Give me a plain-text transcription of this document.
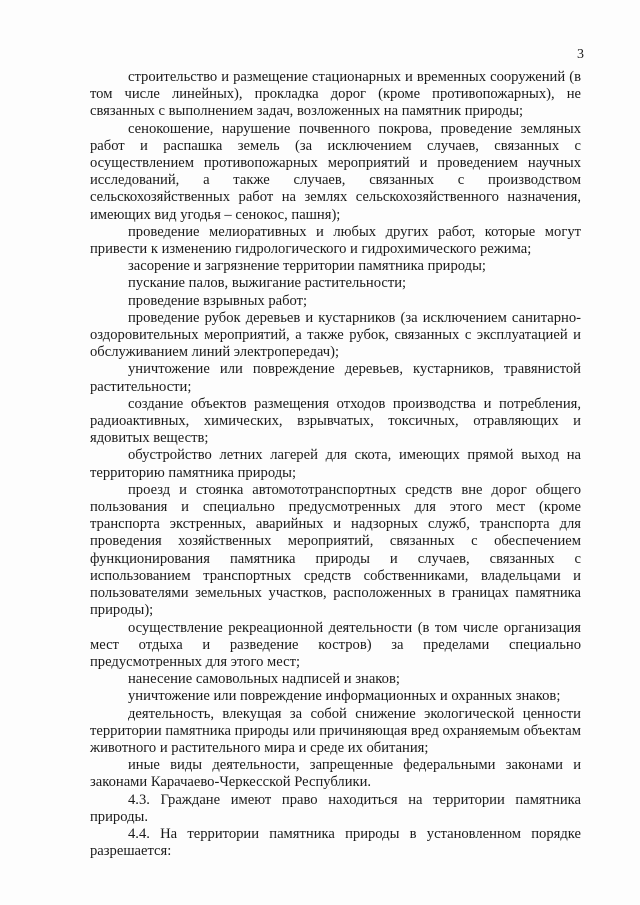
3

строительство и размещение стационарных и временных сооружений (в том числе линейных), прокладка дорог (кроме противопожарных), не связанных с выполнением задач, возложенных на памятник природы;

сенокошение, нарушение почвенного покрова, проведение земляных работ и распашка земель (за исключением случаев, связанных с осуществлением противопожарных мероприятий и проведением научных исследований, а также случаев, связанных с производством сельскохозяйственных работ на землях сельскохозяйственного назначения, имеющих вид угодья – сенокос, пашня);

проведение мелиоративных и любых других работ, которые могут привести к изменению гидрологического и гидрохимического режима;

засорение и загрязнение территории памятника природы;

пускание палов, выжигание растительности;

проведение взрывных работ;

проведение рубок деревьев и кустарников (за исключением санитарно-оздоровительных мероприятий, а также рубок, связанных с эксплуатацией и обслуживанием линий электропередач);

уничтожение или повреждение деревьев, кустарников, травянистой растительности;

создание объектов размещения отходов производства и потребления, радиоактивных, химических, взрывчатых, токсичных, отравляющих и ядовитых веществ;

обустройство летних лагерей для скота, имеющих прямой выход на территорию памятника природы;

проезд и стоянка автомототранспортных средств вне дорог общего пользования и специально предусмотренных для этого мест (кроме транспорта экстренных, аварийных и надзорных служб, транспорта для проведения хозяйственных мероприятий, связанных с обеспечением функционирования памятника природы и случаев, связанных с использованием транспортных средств собственниками, владельцами и пользователями земельных участков, расположенных в границах памятника природы);

осуществление рекреационной деятельности (в том числе организация мест отдыха и разведение костров) за пределами специально предусмотренных для этого мест;

нанесение самовольных надписей и знаков;

уничтожение или повреждение информационных и охранных знаков;

деятельность, влекущая за собой снижение экологической ценности территории памятника природы или причиняющая вред охраняемым объектам животного и растительного мира и среде их обитания;

иные виды деятельности, запрещенные федеральными законами и законами Карачаево-Черкесской Республики.

4.3. Граждане имеют право находиться на территории памятника природы.

4.4. На территории памятника природы в установленном порядке разрешается:
